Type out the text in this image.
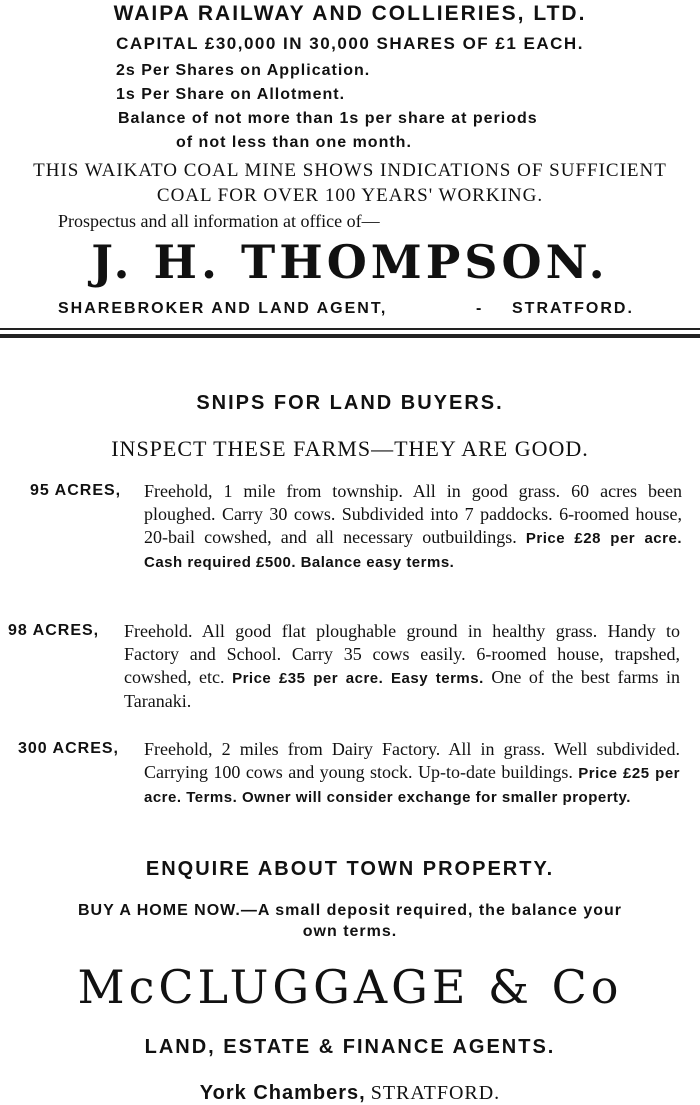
WAIPA RAILWAY AND COLLIERIES, LTD.
CAPITAL £30,000 IN 30,000 SHARES OF £1 EACH.
2s Per Shares on Application.
1s Per Share on Allotment.
Balance of not more than 1s per share at periods
of not less than one month.
THIS WAIKATO COAL MINE SHOWS INDICATIONS OF SUFFICIENT
COAL FOR OVER 100 YEARS' WORKING.
Prospectus and all information at office of—
J. H. THOMPSON.
SHAREBROKER AND LAND AGENT,	- STRATFORD.
SNIPS FOR LAND BUYERS.
INSPECT THESE FARMS—THEY ARE GOOD.
95 ACRES, Freehold, 1 mile from township. All in good grass. 60 acres been ploughed. Carry 30 cows. Subdivided into 7 paddocks. 6-roomed house, 20-bail cowshed, and all necessary outbuildings. Price £28 per acre. Cash required £500. Balance easy terms.
98 ACRES, Freehold. All good flat ploughable ground in healthy grass. Handy to Factory and School. Carry 35 cows easily. 6-roomed house, trapshed, cowshed, etc. Price £35 per acre. Easy terms. One of the best farms in Taranaki.
300 ACRES, Freehold, 2 miles from Dairy Factory. All in grass. Well subdivided. Carrying 100 cows and young stock. Up-to-date buildings. Price £25 per acre. Terms. Owner will consider exchange for smaller property.
ENQUIRE ABOUT TOWN PROPERTY.
BUY A HOME NOW.—A small deposit required, the balance your
own terms.
McCLUGGAGE & Co
LAND, ESTATE & FINANCE AGENTS.
York Chambers, STRATFORD.
